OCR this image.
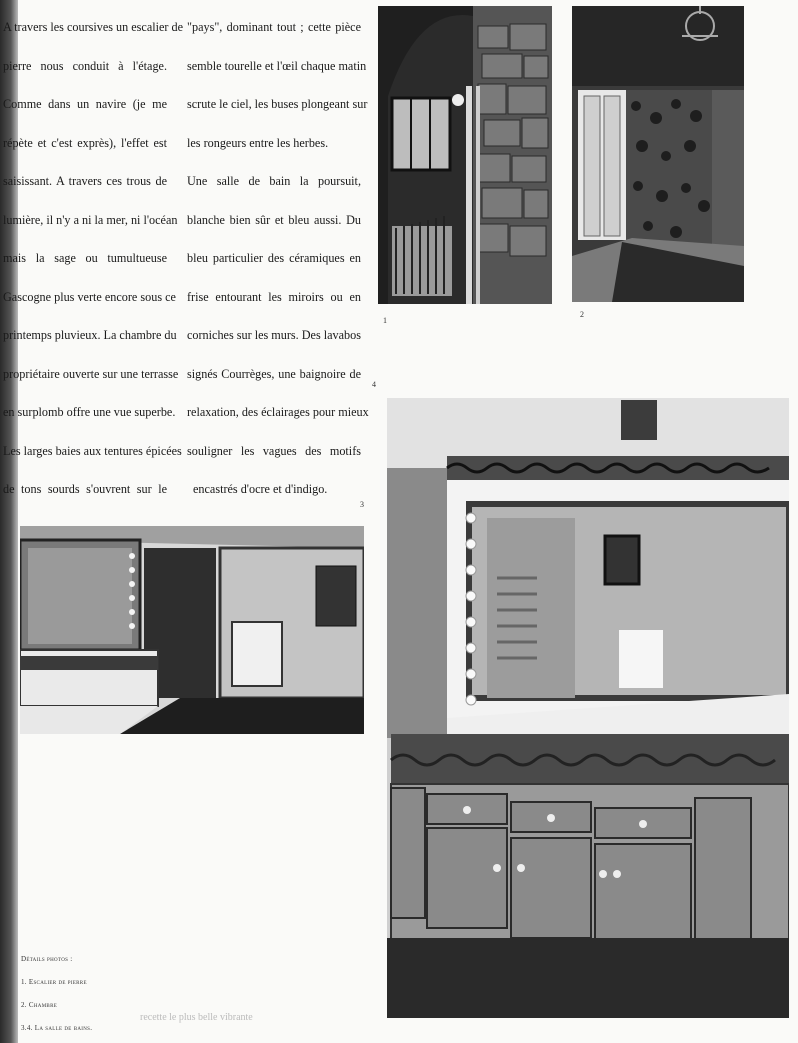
A travers les coursives un escalier de
pierre nous conduit à l'étage.
Comme dans un navire (je me
répète et c'est exprès), l'effet est
saisissant. A travers ces trous de
lumière, il n'y a ni la mer, ni l'océan
mais la sage ou tumultueuse
Gascogne plus verte encore sous ce
printemps pluvieux. La chambre du
propriétaire ouverte sur une terrasse
en surplomb offre une vue superbe.
Les larges baies aux tentures épicées
de tons sourds s'ouvrent sur le
"pays", dominant tout ; cette pièce
semble tourelle et l'œil chaque matin
scrute le ciel, les buses plongeant sur
les rongeurs entre les herbes.
Une salle de bain la poursuit,
blanche bien sûr et bleu aussi. Du
bleu particulier des céramiques en
frise entourant les miroirs ou en
corniches sur les murs. Des lavabos
signés Courrèges, une baignoire de
relaxation, des éclairages pour mieux
souligner les vagues des motifs
encastrés d'ocre et d'indigo.
1
2
4
3
Détails photos :
1. Escalier de pierre
2. Chambre
3.4. La salle de bains.
recette le plus belle vibrante
